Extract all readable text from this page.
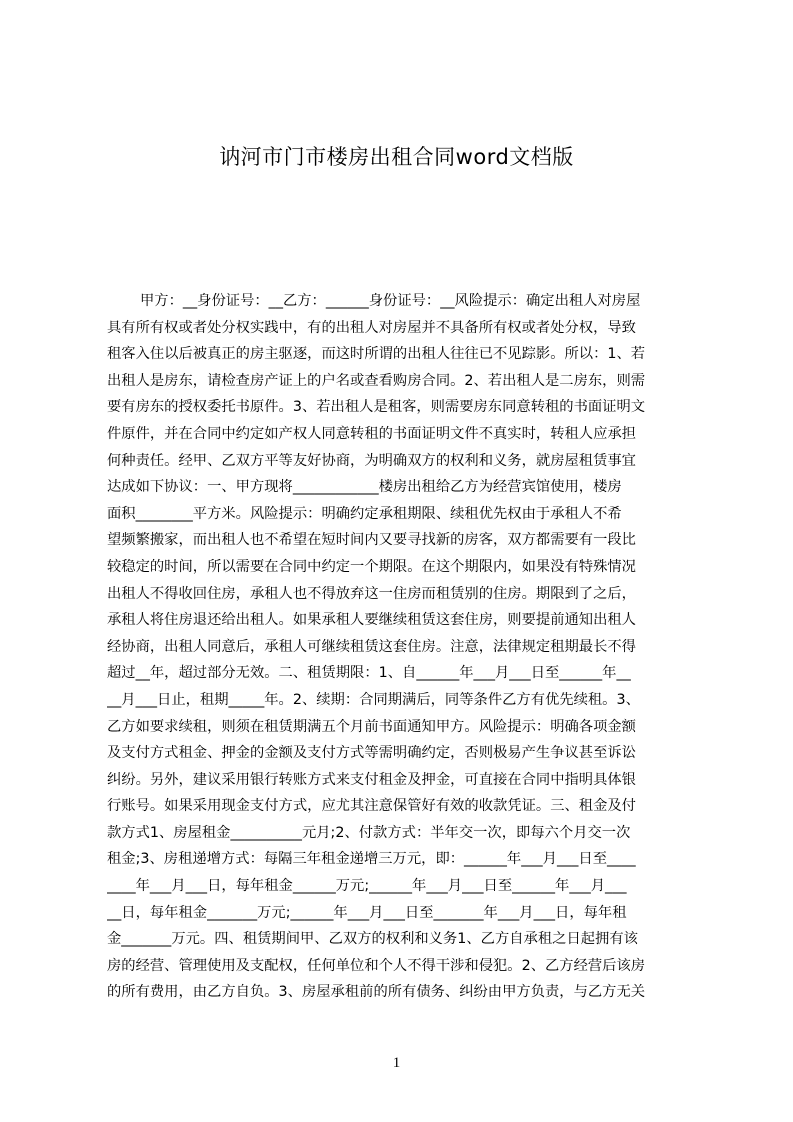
讷河市门市楼房出租合同word文档版
甲方：__身份证号：__乙方：______身份证号：__风险提示：确定出租人对房屋
具有所有权或者处分权实践中，有的出租人对房屋并不具备所有权或者处分权，导致
租客入住以后被真正的房主驱逐，而这时所谓的出租人往往已不见踪影。所以：1、若
出租人是房东，请检查房产证上的户名或查看购房合同。2、若出租人是二房东，则需
要有房东的授权委托书原件。3、若出租人是租客，则需要房东同意转租的书面证明文
件原件，并在合同中约定如产权人同意转租的书面证明文件不真实时，转租人应承担
何种责任。经甲、乙双方平等友好协商，为明确双方的权利和义务，就房屋租赁事宜
达成如下协议：一、甲方现将____________楼房出租给乙方为经营宾馆使用，楼房
面积________平方米。风险提示：明确约定承租期限、续租优先权由于承租人不希
望频繁搬家，而出租人也不希望在短时间内又要寻找新的房客，双方都需要有一段比
较稳定的时间，所以需要在合同中约定一个期限。在这个期限内，如果没有特殊情况
出租人不得收回住房，承租人也不得放弃这一住房而租赁别的住房。期限到了之后，
承租人将住房退还给出租人。如果承租人要继续租赁这套住房，则要提前通知出租人
经协商，出租人同意后，承租人可继续租赁这套住房。注意，法律规定租期最长不得
超过__年，超过部分无效。二、租赁期限：1、自______年___月___日至______年__
__月___日止，租期_____年。2、续期：合同期满后，同等条件乙方有优先续租。3、
乙方如要求续租，则须在租赁期满五个月前书面通知甲方。风险提示：明确各项金额
及支付方式租金、押金的金额及支付方式等需明确约定，否则极易产生争议甚至诉讼
纠纷。另外，建议采用银行转账方式来支付租金及押金，可直接在合同中指明具体银
行账号。如果采用现金支付方式，应尤其注意保管好有效的收款凭证。三、租金及付
款方式1、房屋租金__________元月;2、付款方式：半年交一次，即每六个月交一次
租金;3、房租递增方式：每隔三年租金递增三万元，即：______年___月___日至____
____年___月___日，每年租金______万元;______年___月___日至______年___月___
__日，每年租金_______万元;______年___月___日至_______年___月___日，每年租
金_______万元。四、租赁期间甲、乙双方的权利和义务1、乙方自承租之日起拥有该
房的经营、管理使用及支配权，任何单位和个人不得干涉和侵犯。2、乙方经营后该房
的所有费用，由乙方自负。3、房屋承租前的所有债务、纠纷由甲方负责，与乙方无关
1
